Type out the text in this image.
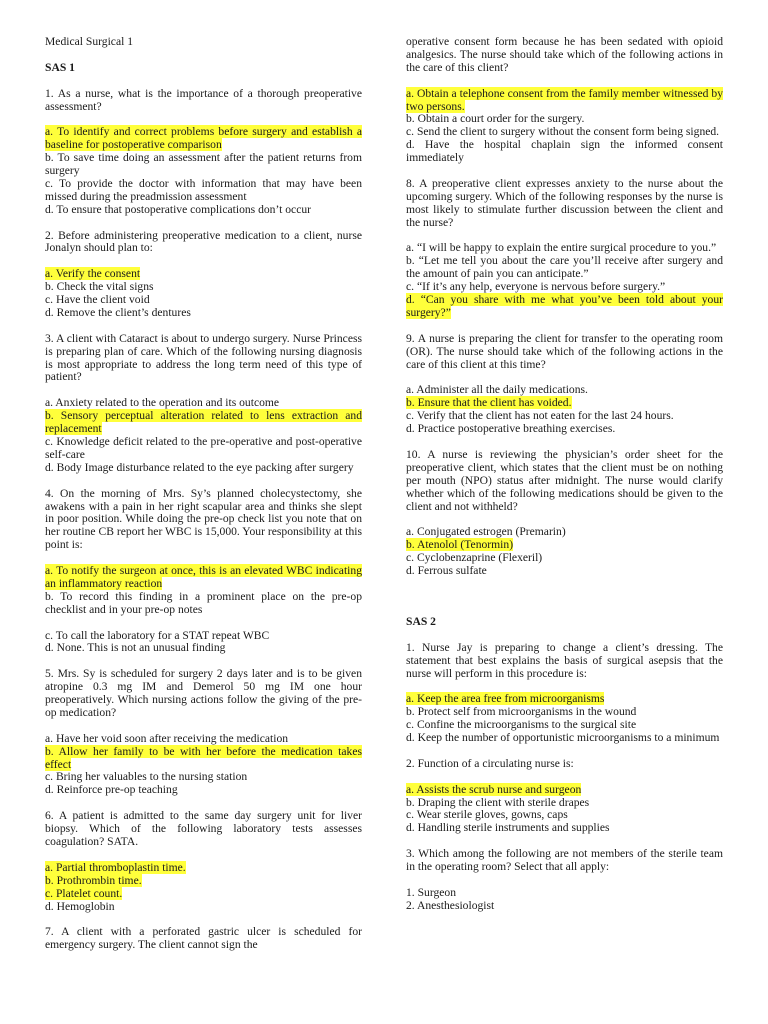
Medical Surgical 1

SAS 1

1. As a nurse, what is the importance of a thorough preoperative assessment?

a. To identify and correct problems before surgery and establish a baseline for postoperative comparison

b. To save time doing an assessment after the patient returns from surgery

c. To provide the doctor with information that may have been missed during the preadmission assessment

d. To ensure that postoperative complications don’t occur

2. Before administering preoperative medication to a client, nurse Jonalyn should plan to:

a. Verify the consent

b. Check the vital signs

c. Have the client void

d. Remove the client’s dentures

3. A client with Cataract is about to undergo surgery. Nurse Princess is preparing plan of care. Which of the following nursing diagnosis is most appropriate to address the long term need of this type of patient?

a. Anxiety related to the operation and its outcome

b. Sensory perceptual alteration related to lens extraction and replacement

c. Knowledge deficit related to the pre-operative and post-operative self-care

d. Body Image disturbance related to the eye packing after surgery

4. On the morning of Mrs. Sy’s planned cholecystectomy, she awakens with a pain in her right scapular area and thinks she slept in poor position. While doing the pre-op check list you note that on her routine CB report her WBC is 15,000. Your responsibility at this point is:

a. To notify the surgeon at once, this is an elevated WBC indicating an inflammatory reaction

b. To record this finding in a prominent place on the pre-op checklist and in your pre-op notes

c. To call the laboratory for a STAT repeat WBC

d. None. This is not an unusual finding

5. Mrs. Sy is scheduled for surgery 2 days later and is to be given atropine 0.3 mg IM and Demerol 50 mg IM one hour preoperatively. Which nursing actions follow the giving of the pre-op medication?

a. Have her void soon after receiving the medication

b. Allow her family to be with her before the medication takes effect

c. Bring her valuables to the nursing station

d. Reinforce pre-op teaching

6. A patient is admitted to the same day surgery unit for liver biopsy. Which of the following laboratory tests assesses coagulation? SATA.

a. Partial thromboplastin time.

b. Prothrombin time.

c. Platelet count.

d. Hemoglobin

7. A client with a perforated gastric ulcer is scheduled for emergency surgery. The client cannot sign the

operative consent form because he has been sedated with opioid analgesics. The nurse should take which of the following actions in the care of this client?

a. Obtain a telephone consent from the family member witnessed by two persons.

b. Obtain a court order for the surgery.

c. Send the client to surgery without the consent form being signed.

d. Have the hospital chaplain sign the informed consent immediately

8. A preoperative client expresses anxiety to the nurse about the upcoming surgery. Which of the following responses by the nurse is most likely to stimulate further discussion between the client and the nurse?

a. “I will be happy to explain the entire surgical procedure to you.”

b. “Let me tell you about the care you’ll receive after surgery and the amount of pain you can anticipate.”

c. “If it’s any help, everyone is nervous before surgery.”

d. “Can you share with me what you’ve been told about your surgery?”

9. A nurse is preparing the client for transfer to the operating room (OR). The nurse should take which of the following actions in the care of this client at this time?

a. Administer all the daily medications.

b. Ensure that the client has voided.

c. Verify that the client has not eaten for the last 24 hours.

d. Practice postoperative breathing exercises.

10. A nurse is reviewing the physician’s order sheet for the preoperative client, which states that the client must be on nothing per mouth (NPO) status after midnight. The nurse would clarify whether which of the following medications should be given to the client and not withheld?

a. Conjugated estrogen (Premarin)

b. Atenolol (Tenormin)

c. Cyclobenzaprine (Flexeril)

d. Ferrous sulfate

SAS 2

1. Nurse Jay is preparing to change a client’s dressing. The statement that best explains the basis of surgical asepsis that the nurse will perform in this procedure is:

a. Keep the area free from microorganisms

b. Protect self from microorganisms in the wound

c. Confine the microorganisms to the surgical site

d. Keep the number of opportunistic microorganisms to a minimum

2. Function of a circulating nurse is:

a. Assists the scrub nurse and surgeon

b. Draping the client with sterile drapes

c. Wear sterile gloves, gowns, caps

d. Handling sterile instruments and supplies

3. Which among the following are not members of the sterile team in the operating room? Select that all apply:

1. Surgeon

2. Anesthesiologist
